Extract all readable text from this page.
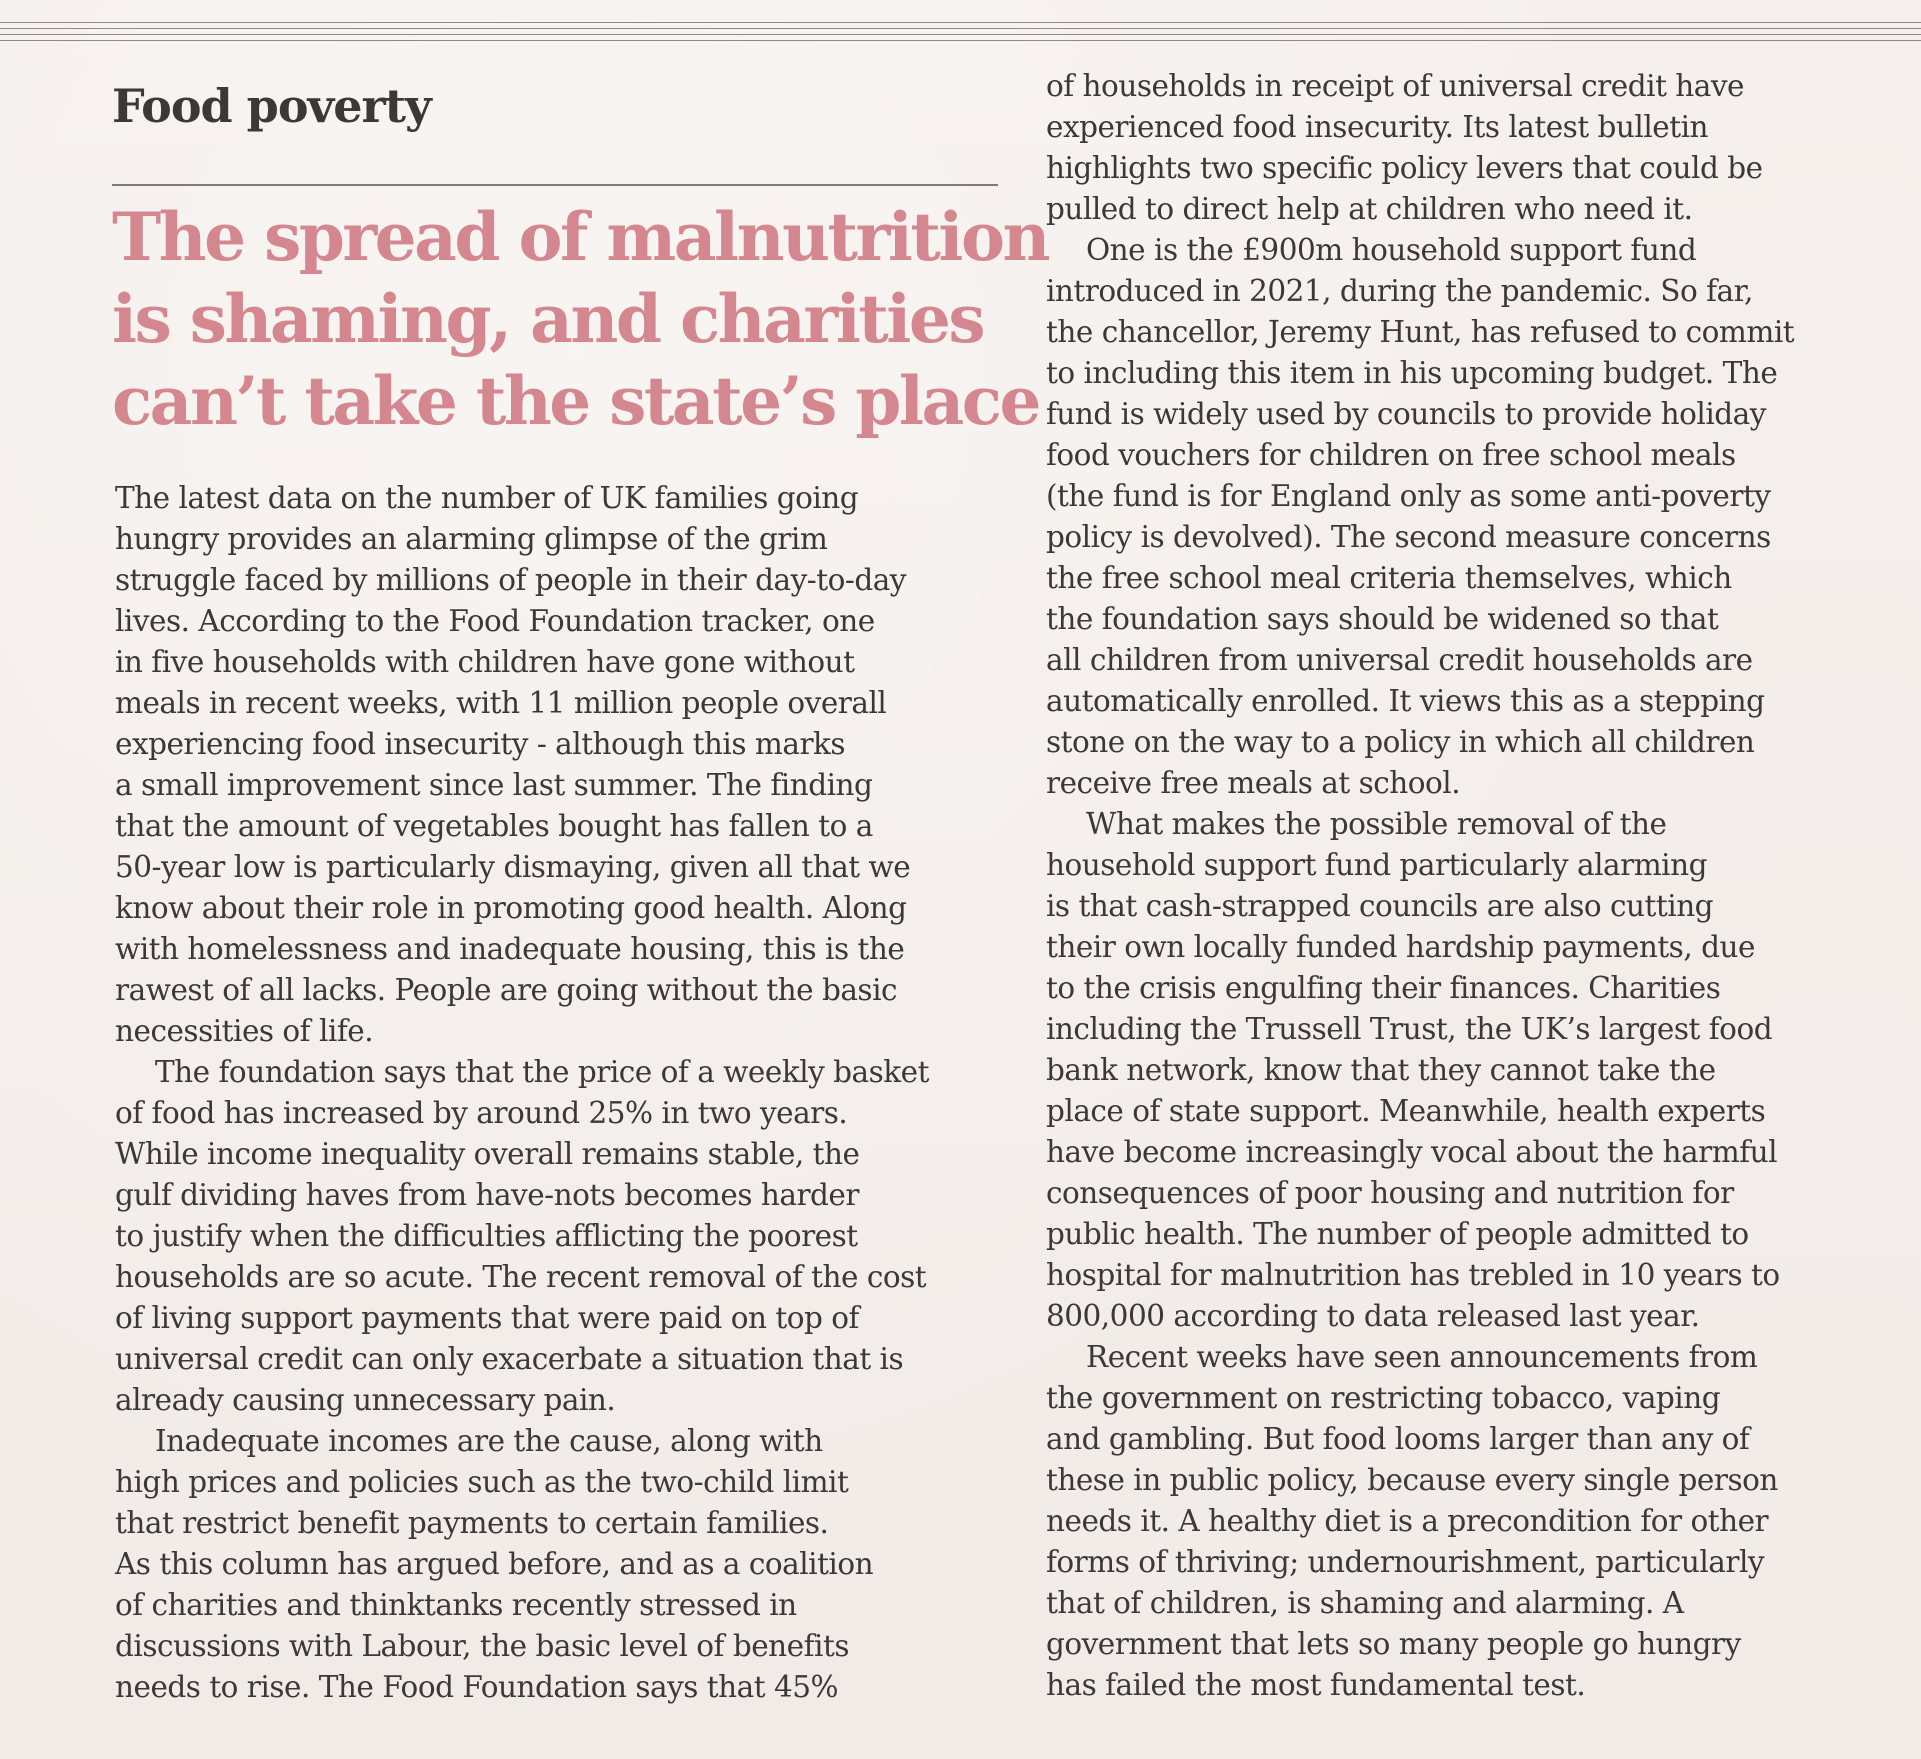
Food poverty
The spread of malnutrition
is shaming, and charities
can’t take the state’s place
The latest data on the number of UK families going
hungry provides an alarming glimpse of the grim
struggle faced by millions of people in their day-to-day
lives. According to the Food Foundation tracker, one
in five households with children have gone without
meals in recent weeks, with 11 million people overall
experiencing food insecurity - although this marks
a small improvement since last summer. The finding
that the amount of vegetables bought has fallen to a
50-year low is particularly dismaying, given all that we
know about their role in promoting good health. Along
with homelessness and inadequate housing, this is the
rawest of all lacks. People are going without the basic
necessities of life.
The foundation says that the price of a weekly basket
of food has increased by around 25% in two years.
While income inequality overall remains stable, the
gulf dividing haves from have-nots becomes harder
to justify when the difficulties afflicting the poorest
households are so acute. The recent removal of the cost
of living support payments that were paid on top of
universal credit can only exacerbate a situation that is
already causing unnecessary pain.
Inadequate incomes are the cause, along with
high prices and policies such as the two-child limit
that restrict benefit payments to certain families.
As this column has argued before, and as a coalition
of charities and thinktanks recently stressed in
discussions with Labour, the basic level of benefits
needs to rise. The Food Foundation says that 45%
of households in receipt of universal credit have
experienced food insecurity. Its latest bulletin
highlights two specific policy levers that could be
pulled to direct help at children who need it.
One is the £900m household support fund
introduced in 2021, during the pandemic. So far,
the chancellor, Jeremy Hunt, has refused to commit
to including this item in his upcoming budget. The
fund is widely used by councils to provide holiday
food vouchers for children on free school meals
(the fund is for England only as some anti-poverty
policy is devolved). The second measure concerns
the free school meal criteria themselves, which
the foundation says should be widened so that
all children from universal credit households are
automatically enrolled. It views this as a stepping
stone on the way to a policy in which all children
receive free meals at school.
What makes the possible removal of the
household support fund particularly alarming
is that cash-strapped councils are also cutting
their own locally funded hardship payments, due
to the crisis engulfing their finances. Charities
including the Trussell Trust, the UK’s largest food
bank network, know that they cannot take the
place of state support. Meanwhile, health experts
have become increasingly vocal about the harmful
consequences of poor housing and nutrition for
public health. The number of people admitted to
hospital for malnutrition has trebled in 10 years to
800,000 according to data released last year.
Recent weeks have seen announcements from
the government on restricting tobacco, vaping
and gambling. But food looms larger than any of
these in public policy, because every single person
needs it. A healthy diet is a precondition for other
forms of thriving; undernourishment, particularly
that of children, is shaming and alarming. A
government that lets so many people go hungry
has failed the most fundamental test.
